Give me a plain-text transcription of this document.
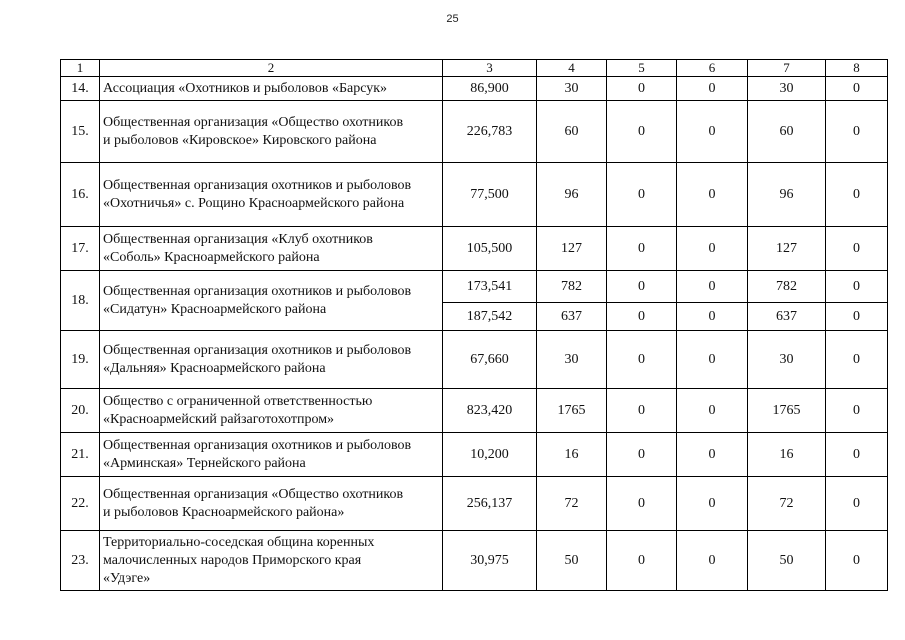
25
1	2	3	4	5	6	7	8
14.	Ассоциация «Охотников и рыболовов «Барсук»	86,900	30	0	0	30	0
15.	Общественная организация «Общество охотников
и рыболовов «Кировское» Кировского района	226,783	60	0	0	60	0
16.	Общественная организация охотников и рыболовов
«Охотничья» с. Рощино Красноармейского района	77,500	96	0	0	96	0
17.	Общественная организация «Клуб охотников
«Соболь» Красноармейского района	105,500	127	0	0	127	0
18.	Общественная организация охотников и рыболовов
«Сидатун» Красноармейского района	173,541	782	0	0	782	0
		187,542	637	0	0	637	0
19.	Общественная организация охотников и рыболовов
«Дальняя» Красноармейского района	67,660	30	0	0	30	0
20.	Общество с ограниченной ответственностью
«Красноармейский райзаготохотпром»	823,420	1765	0	0	1765	0
21.	Общественная организация охотников и рыболовов
«Арминская» Тернейского района	10,200	16	0	0	16	0
22.	Общественная организация «Общество охотников
и рыболовов Красноармейского района»	256,137	72	0	0	72	0
23.	Территориально-соседская община коренных
малочисленных народов Приморского края
«Удэге»	30,975	50	0	0	50	0
